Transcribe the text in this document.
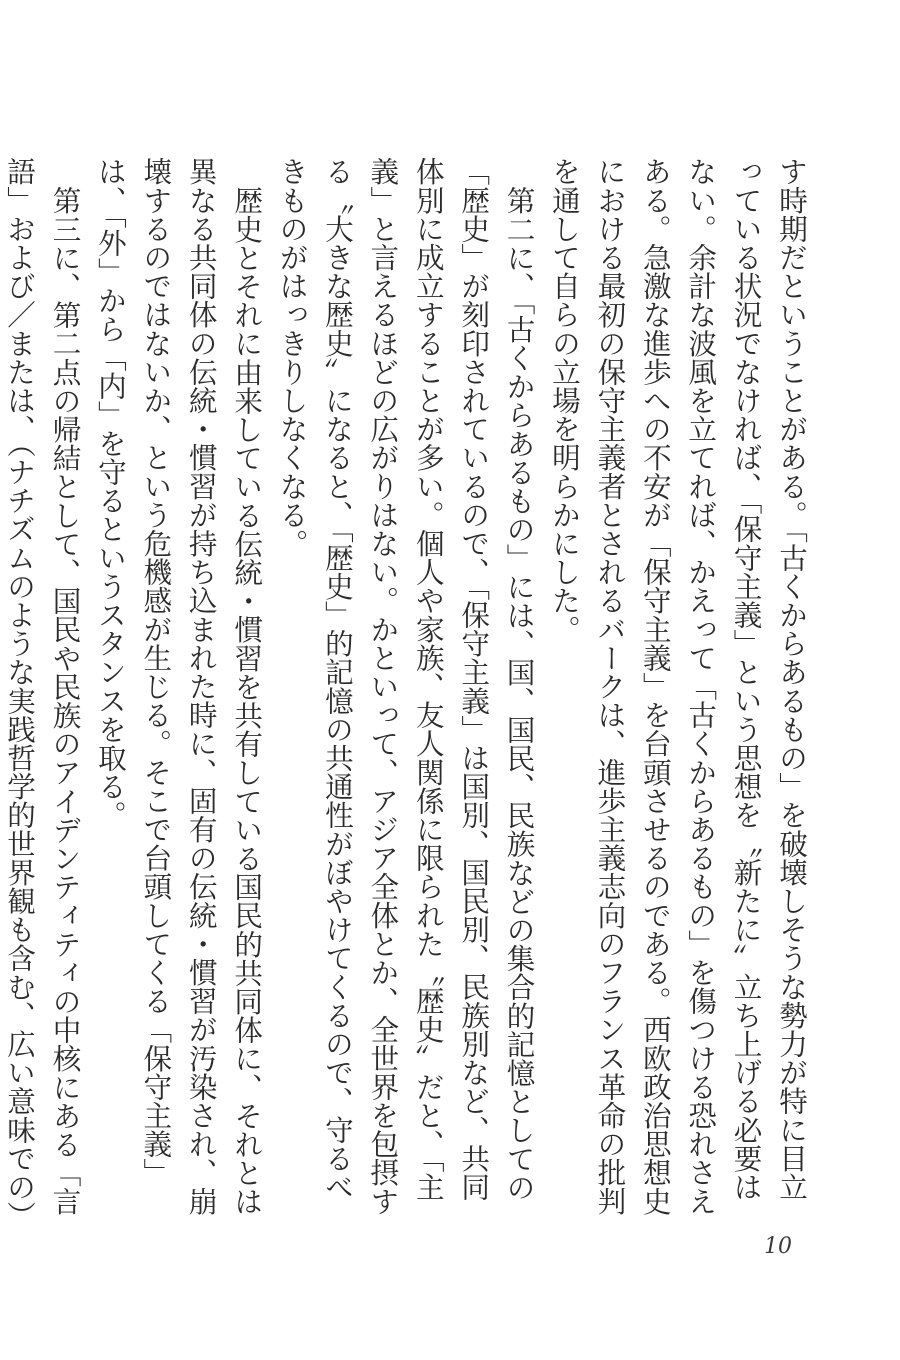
す時期だということがある。「古くからあるもの」を破壊しそうな勢力が特に目立っている状況でなければ、「保守主義」という思想を〝新たに〟立ち上げる必要はない。余計な波風を立てれば、かえって「古くからあるもの」を傷つける恐れさえある。急激な進歩への不安が「保守主義」を台頭させるのである。西欧政治思想史における最初の保守主義者とされるバークは、進歩主義志向のフランス革命の批判を通して自らの立場を明らかにした。

第二に、「古くからあるもの」には、国、国民、民族などの集合的記憶としての「歴史」が刻印されているので、「保守主義」は国別、国民別、民族別など、共同体別に成立することが多い。個人や家族、友人関係に限られた〝歴史〟だと、「主義」と言えるほどの広がりはない。かといって、アジア全体とか、全世界を包摂する〝大きな歴史〟になると、「歴史」的記憶の共通性がぼやけてくるので、守るべきものがはっきりしなくなる。

歴史とそれに由来している伝統・慣習を共有している国民的共同体に、それとは異なる共同体の伝統・慣習が持ち込まれた時に、固有の伝統・慣習が汚染され、崩壊するのではないか、という危機感が生じる。そこで台頭してくる「保守主義」は、「外」から「内」を守るというスタンスを取る。

第三に、第二点の帰結として、国民や民族のアイデンティティの中核にある「言語」および／または、（ナチズムのような実践哲学的世界観も含む、広い意味での）

10
